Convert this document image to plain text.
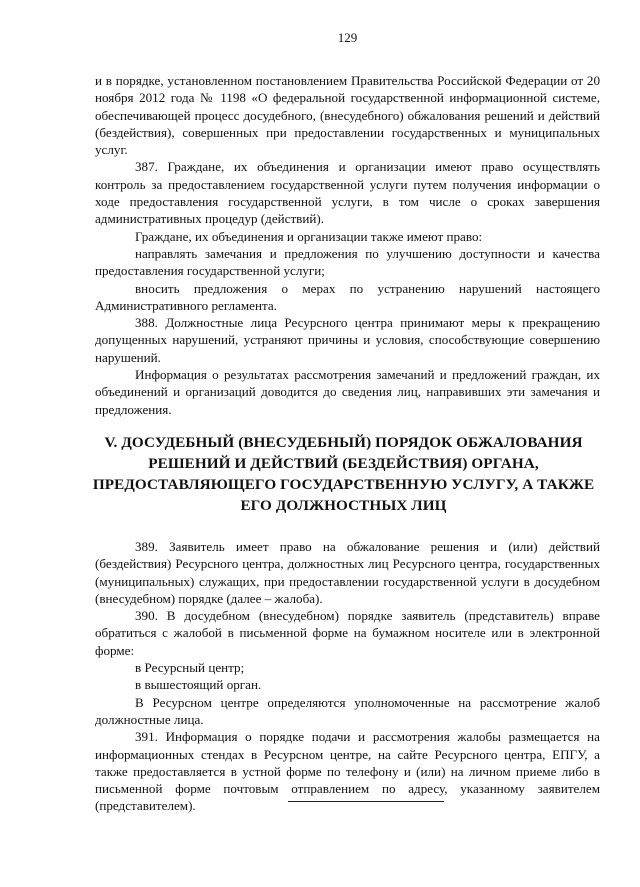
129

и в порядке, установленном постановлением Правительства Российской Федерации от 20 ноября 2012 года № 1198 «О федеральной государственной информационной системе, обеспечивающей процесс досудебного, (внесудебного) обжалования решений и действий (бездействия), совершенных при предоставлении государственных и муниципальных услуг.

387. Граждане, их объединения и организации имеют право осуществлять контроль за предоставлением государственной услуги путем получения информации о ходе предоставления государственной услуги, в том числе о сроках завершения административных процедур (действий).

Граждане, их объединения и организации также имеют право:

направлять замечания и предложения по улучшению доступности и качества предоставления государственной услуги;

вносить предложения о мерах по устранению нарушений настоящего Административного регламента.

388. Должностные лица Ресурсного центра принимают меры к прекращению допущенных нарушений, устраняют причины и условия, способствующие совершению нарушений.

Информация о результатах рассмотрения замечаний и предложений граждан, их объединений и организаций доводится до сведения лиц, направивших эти замечания и предложения.

V. ДОСУДЕБНЫЙ (ВНЕСУДЕБНЫЙ) ПОРЯДОК ОБЖАЛОВАНИЯ РЕШЕНИЙ И ДЕЙСТВИЙ (БЕЗДЕЙСТВИЯ) ОРГАНА, ПРЕДОСТАВЛЯЮЩЕГО ГОСУДАРСТВЕННУЮ УСЛУГУ, А ТАКЖЕ ЕГО ДОЛЖНОСТНЫХ ЛИЦ

389. Заявитель имеет право на обжалование решения и (или) действий (бездействия) Ресурсного центра, должностных лиц Ресурсного центра, государственных (муниципальных) служащих, при предоставлении государственной услуги в досудебном (внесудебном) порядке (далее – жалоба).

390. В досудебном (внесудебном) порядке заявитель (представитель) вправе обратиться с жалобой в письменной форме на бумажном носителе или в электронной форме:

в Ресурсный центр;

в вышестоящий орган.

В Ресурсном центре определяются уполномоченные на рассмотрение жалоб должностные лица.

391. Информация о порядке подачи и рассмотрения жалобы размещается на информационных стендах в Ресурсном центре, на сайте Ресурсного центра, ЕПГУ, а также предоставляется в устной форме по телефону и (или) на личном приеме либо в письменной форме почтовым отправлением по адресу, указанному заявителем (представителем).
